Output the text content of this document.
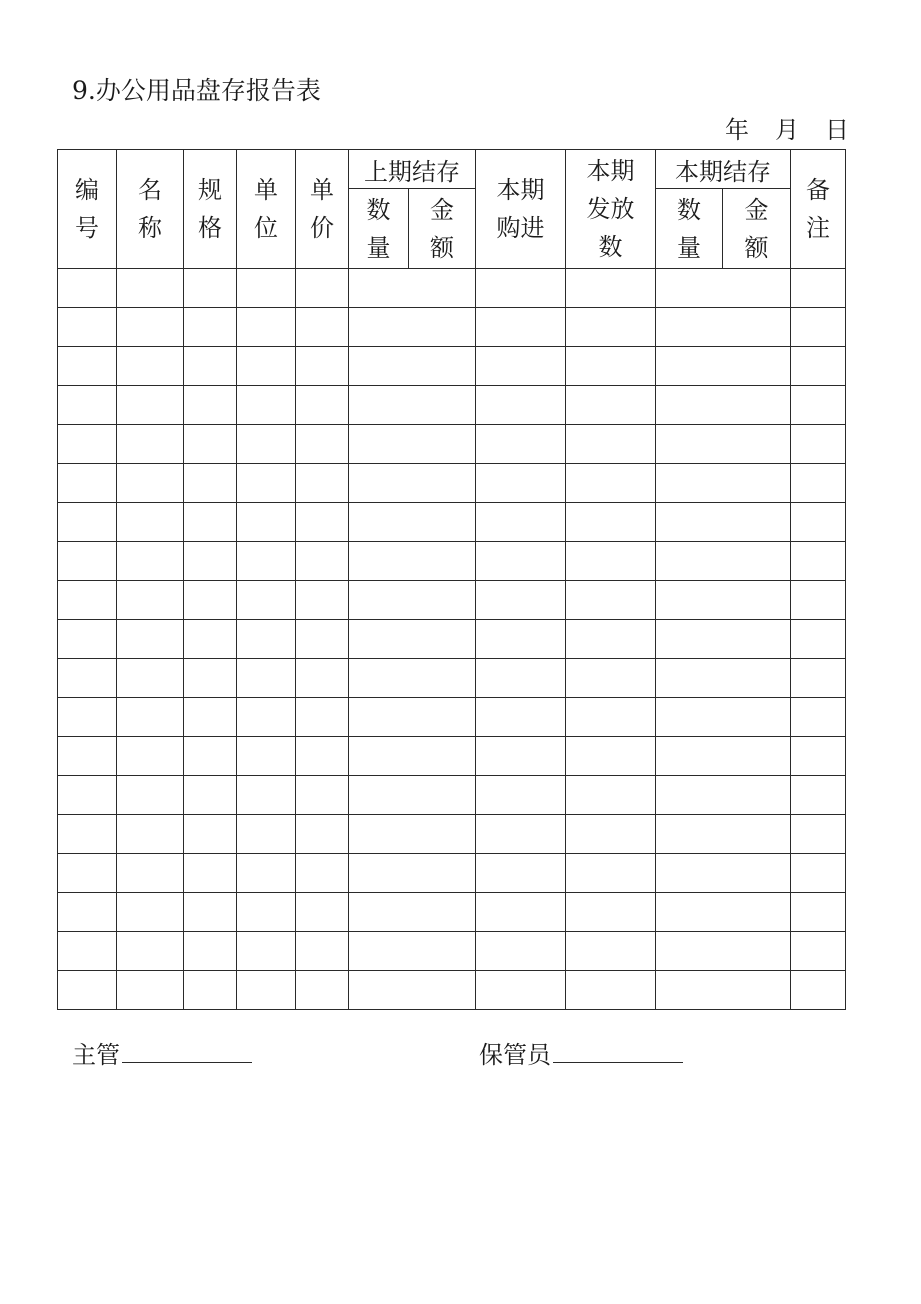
9.办公用品盘存报告表
年 月 日
编号	名称	规格	单位	单价	上期结存		本期购进	本期发放数	本期结存		备注
					数量	金额			数量	金额	

主管	保管员
